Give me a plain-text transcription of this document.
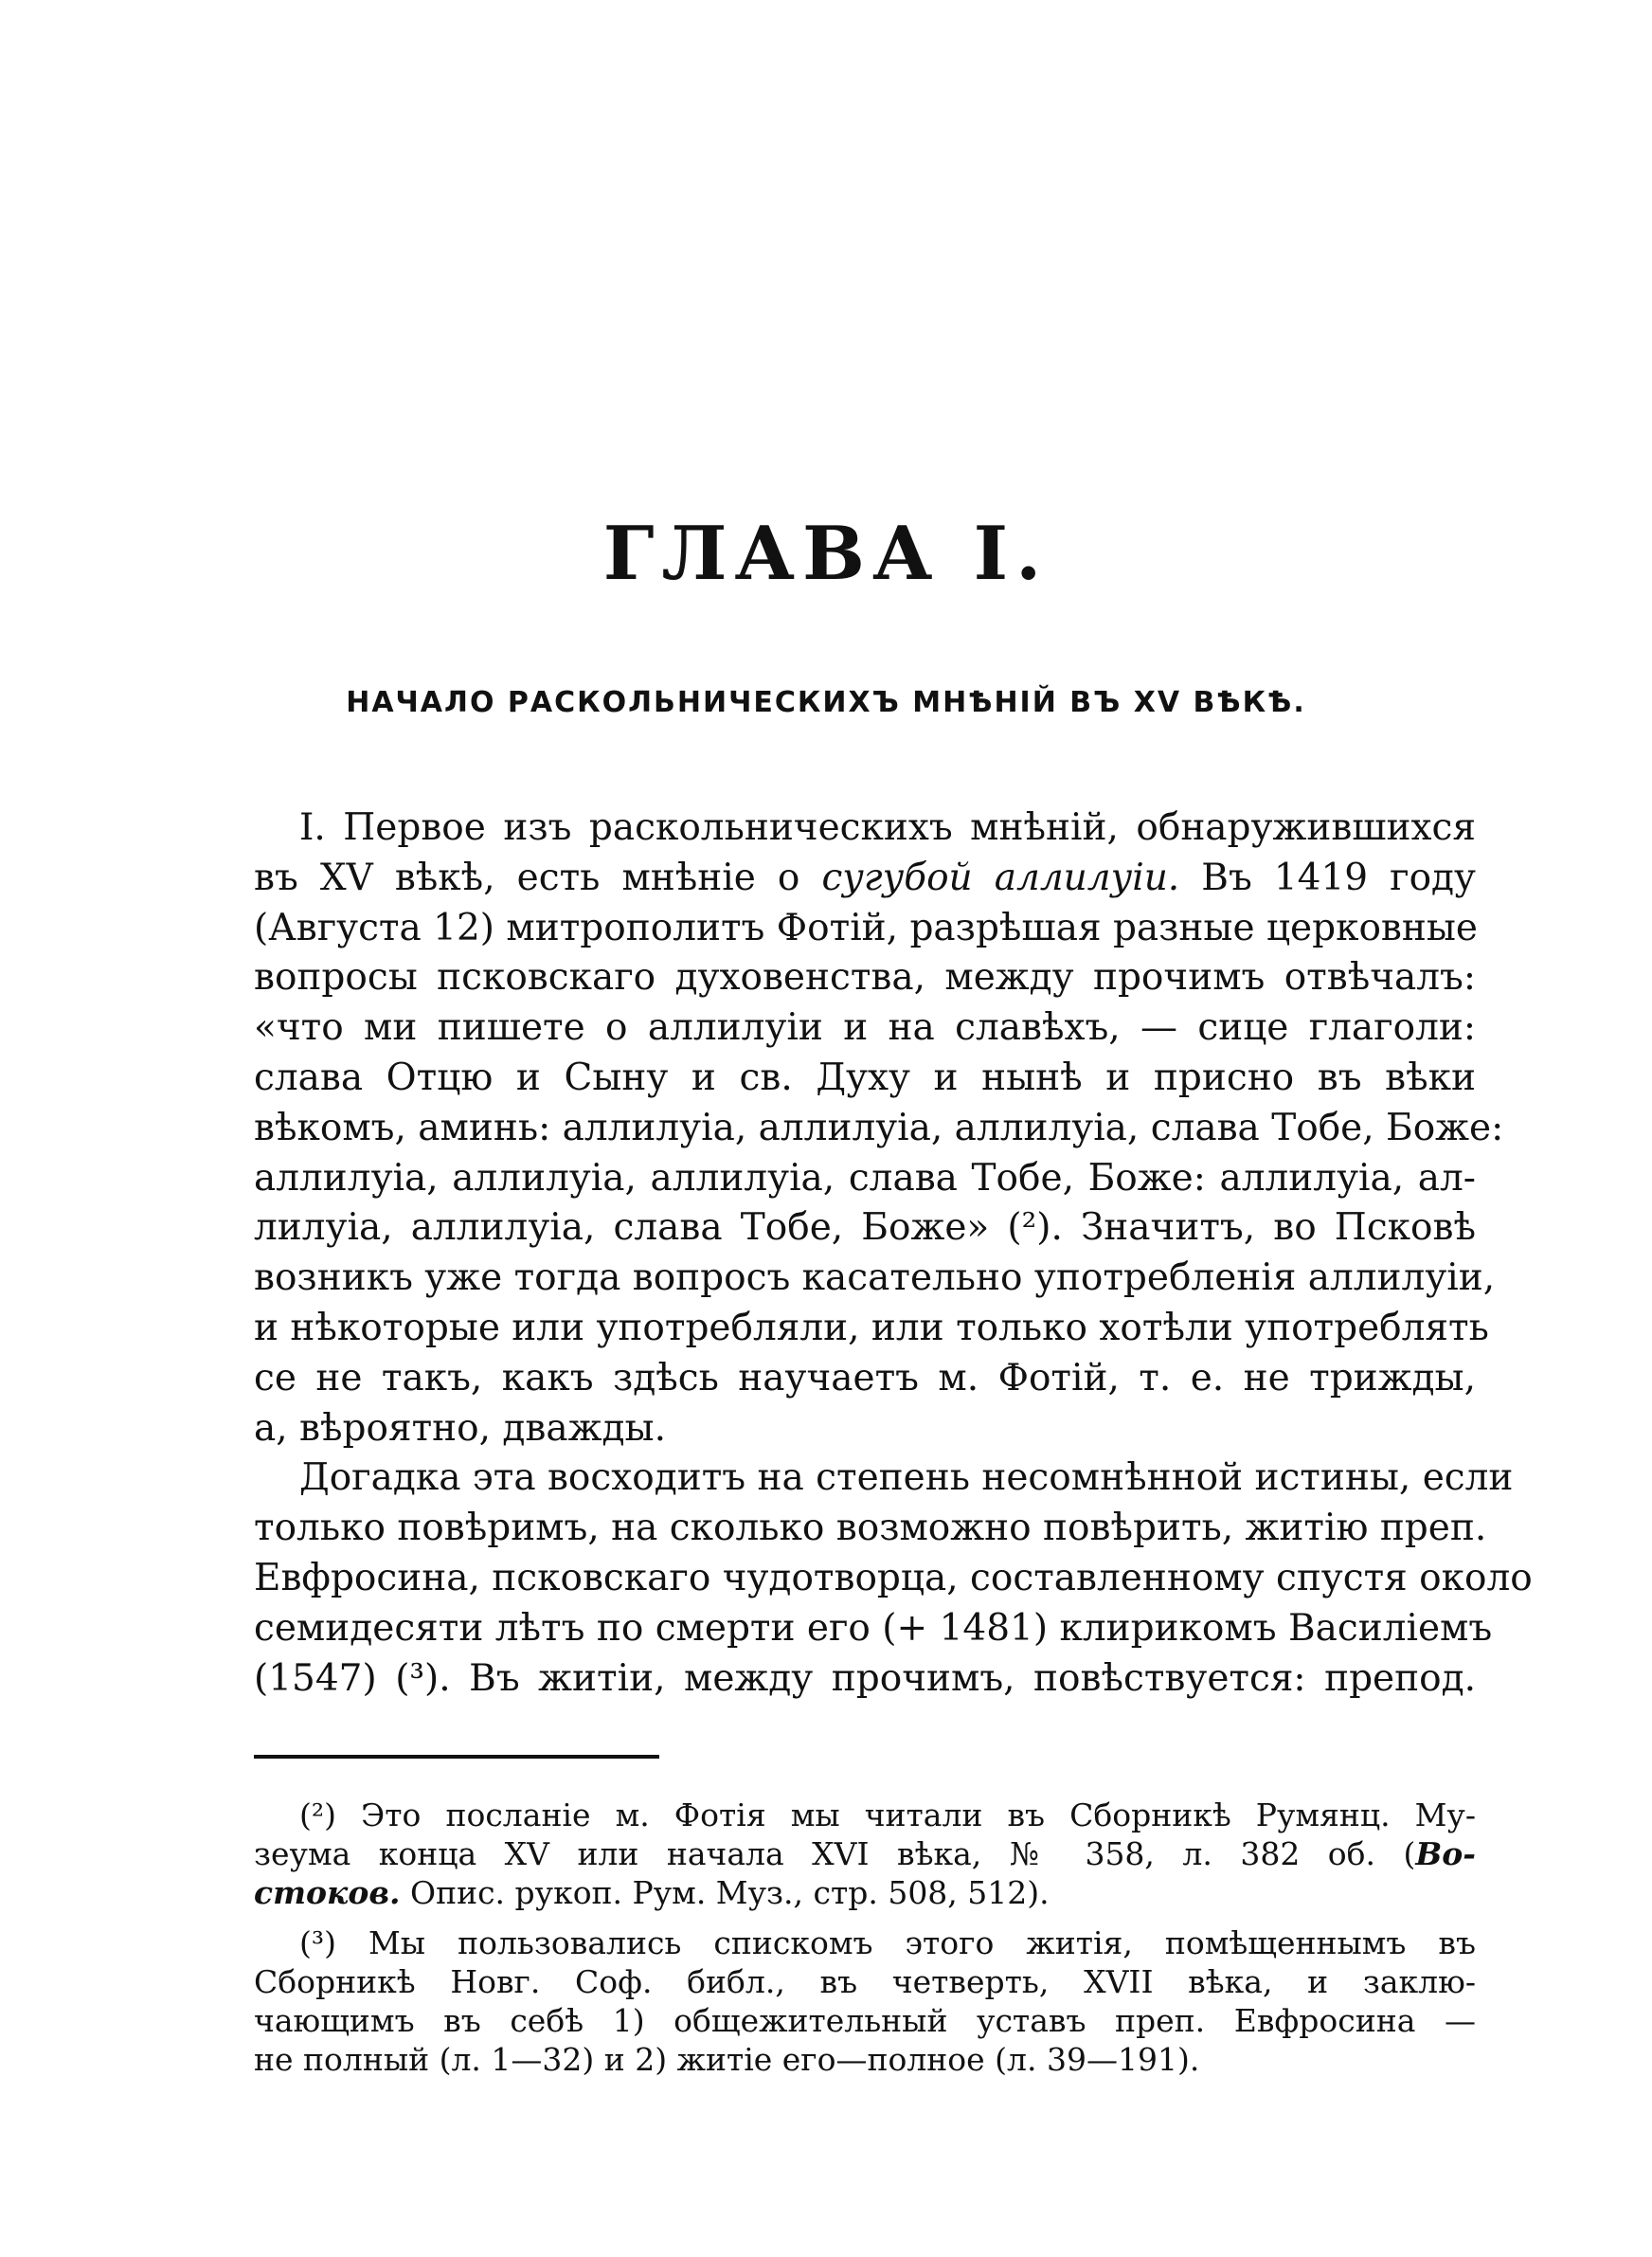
ГЛАВА I.
НАЧАЛО РАСКОЛЬНИЧЕСКИХЪ МНѢНІЙ ВЪ XV ВѢКѢ.
I. Первое изъ раскольническихъ мнѣній, обнаружившихся
въ XV вѣкѣ, есть мнѣніе о сугубой аллилуіи. Въ 1419 году
(Августа 12) митрополитъ Фотій, разрѣшая разные церковные
вопросы псковскаго духовенства, между прочимъ отвѣчалъ:
«что ми пишете о аллилуіи и на славѣхъ, — сице глаголи:
слава Отцю и Сыну и св. Духу и нынѣ и присно въ вѣки
вѣкомъ, аминь: аллилуіа, аллилуіа, аллилуіа, слава Тобе, Боже:
аллилуіа, аллилуіа, аллилуіа, слава Тобе, Боже: аллилуіа, ал-
лилуіа, аллилуіа, слава Тобе, Боже» (²). Значитъ, во Псковѣ
возникъ уже тогда вопросъ касательно употребленія аллилуіи,
и нѣкоторые или употребляли, или только хотѣли употреблять
се не такъ, какъ здѣсь научаетъ м. Фотій, т. е. не трижды,
а, вѣроятно, дважды.
Догадка эта восходитъ на степень несомнѣнной истины, если
только повѣримъ, на сколько возможно повѣрить, житію преп.
Евфросина, псковскаго чудотворца, составленному спустя около
семидесяти лѣтъ по смерти его (+ 1481) клирикомъ Василіемъ
(1547) (³). Въ житіи, между прочимъ, повѣствуется: препод.
(²) Это посланіе м. Фотія мы читали въ Сборникѣ Румянц. Му-
зеума конца XV или начала XVI вѣка, № 358, л. 382 об. (Во-
стоков. Опис. рукоп. Рум. Муз., стр. 508, 512).
(³) Мы пользовались спискомъ этого житія, помѣщеннымъ въ
Сборникѣ Новг. Соф. библ., въ четверть, XVII вѣка, и заклю-
чающимъ въ себѣ 1) общежительный уставъ преп. Евфросина —
не полный (л. 1—32) и 2) житіе его—полное (л. 39—191).
